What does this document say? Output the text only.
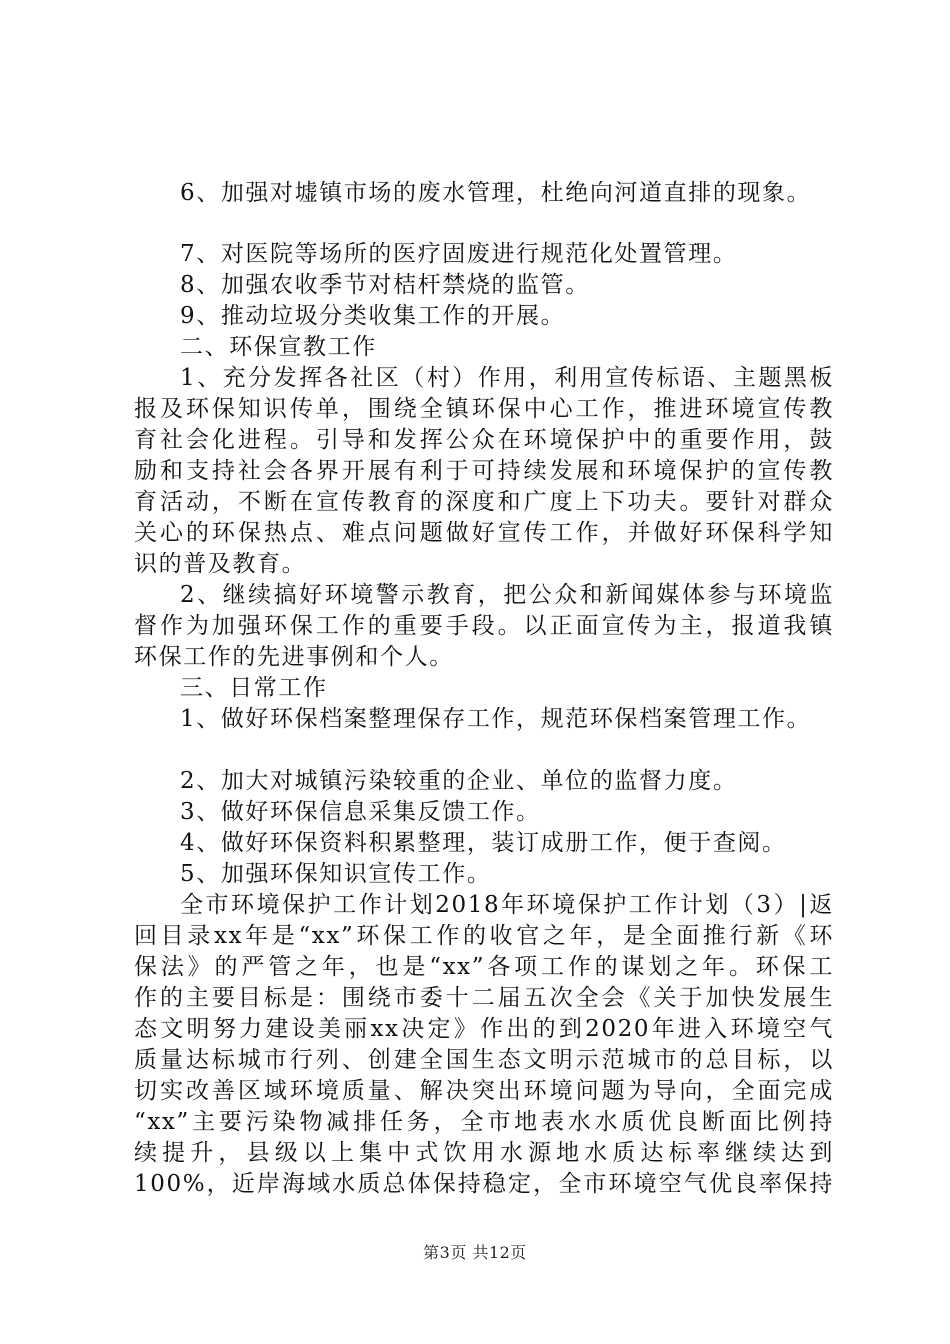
6、加强对墟镇市场的废水管理，杜绝向河道直排的现象。
7、对医院等场所的医疗固废进行规范化处置管理。
8、加强农收季节对桔杆禁烧的监管。
9、推动垃圾分类收集工作的开展。
二、环保宣教工作
1、充分发挥各社区（村）作用，利用宣传标语、主题黑板
报及环保知识传单，围绕全镇环保中心工作，推进环境宣传教
育社会化进程。引导和发挥公众在环境保护中的重要作用，鼓
励和支持社会各界开展有利于可持续发展和环境保护的宣传教
育活动，不断在宣传教育的深度和广度上下功夫。要针对群众
关心的环保热点、难点问题做好宣传工作，并做好环保科学知
识的普及教育。
2、继续搞好环境警示教育，把公众和新闻媒体参与环境监
督作为加强环保工作的重要手段。以正面宣传为主，报道我镇
环保工作的先进事例和个人。
三、日常工作
1、做好环保档案整理保存工作，规范环保档案管理工作。
2、加大对城镇污染较重的企业、单位的监督力度。
3、做好环保信息采集反馈工作。
4、做好环保资料积累整理，装订成册工作，便于查阅。
5、加强环保知识宣传工作。
全市环境保护工作计划2018年环境保护工作计划（3）|返
回目录xx年是“xx”环保工作的收官之年，是全面推行新《环
保法》的严管之年，也是“xx”各项工作的谋划之年。环保工
作的主要目标是：围绕市委十二届五次全会《关于加快发展生
态文明努力建设美丽xx决定》作出的到2020年进入环境空气
质量达标城市行列、创建全国生态文明示范城市的总目标，以
切实改善区域环境质量、解决突出环境问题为导向，全面完成
“xx”主要污染物减排任务，全市地表水水质优良断面比例持
续提升，县级以上集中式饮用水源地水质达标率继续达到
100%，近岸海域水质总体保持稳定，全市环境空气优良率保持
第3页 共12页
